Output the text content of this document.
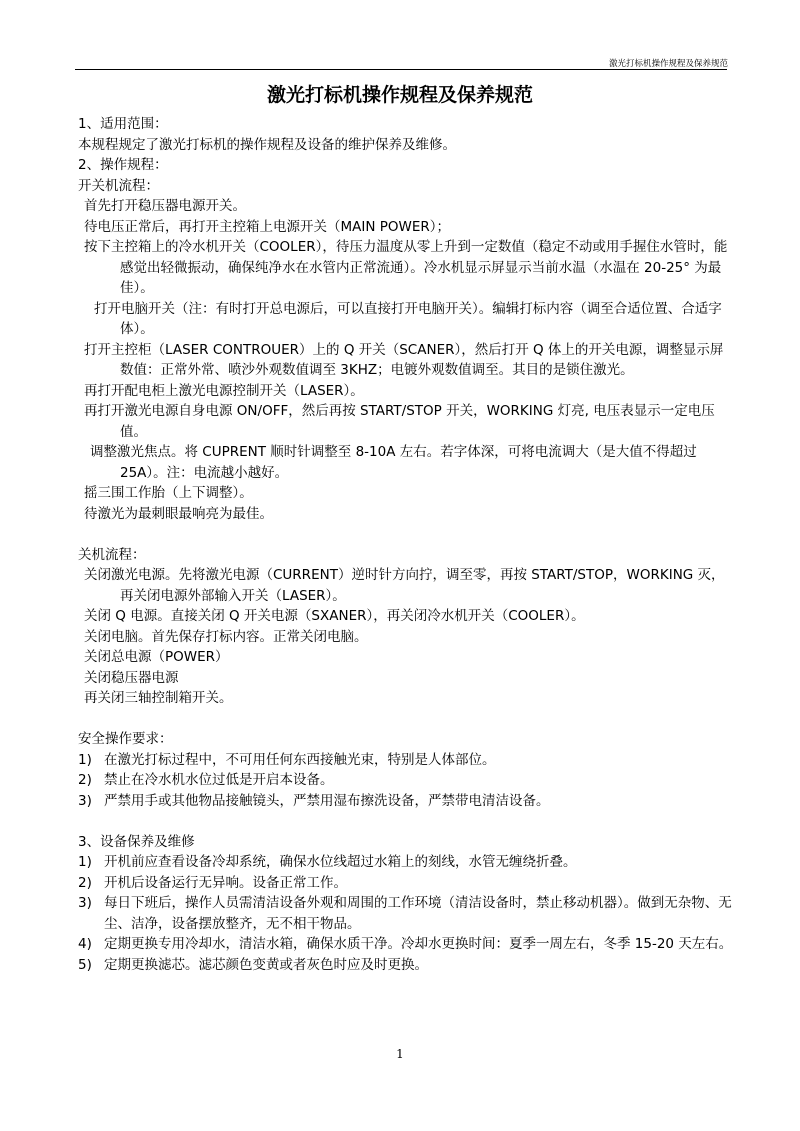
激光打标机操作规程及保养规范
激光打标机操作规程及保养规范
1、适用范围：
本规程规定了激光打标机的操作规程及设备的维护保养及维修。
2、操作规程：
开关机流程：
首先打开稳压器电源开关。
待电压正常后，再打开主控箱上电源开关（MAIN POWER）；
按下主控箱上的冷水机开关（COOLER），待压力温度从零上升到一定数值（稳定不动或用手握住水管时，能感觉出轻微振动，确保纯净水在水管内正常流通）。冷水机显示屏显示当前水温（水温在 20-25° 为最佳）。
打开电脑开关（注：有时打开总电源后，可以直接打开电脑开关）。编辑打标内容（调至合适位置、合适字体）。
打开主控柜（LASER CONTROUER）上的 Q 开关（SCANER），然后打开 Q 体上的开关电源，调整显示屏数值：正常外常、喷沙外观数值调至 3KHZ；电镀外观数值调至。其目的是锁住激光。
再打开配电柜上激光电源控制开关（LASER）。
再打开激光电源自身电源 ON/OFF，然后再按 START/STOP 开关，WORKING 灯亮, 电压表显示一定电压值。
调整激光焦点。将 CUPRENT 顺时针调整至 8-10A 左右。若字体深，可将电流调大（是大值不得超过 25A）。注：电流越小越好。
摇三围工作胎（上下调整）。
待激光为最刺眼最响亮为最佳。
关机流程：
关闭激光电源。先将激光电源（CURRENT）逆时针方向拧，调至零，再按 START/STOP，WORKING 灭，再关闭电源外部输入开关（LASER）。
关闭 Q 电源。直接关闭 Q 开关电源（SXANER），再关闭冷水机开关（COOLER）。
关闭电脑。首先保存打标内容。正常关闭电脑。
关闭总电源（POWER）
关闭稳压器电源
再关闭三轴控制箱开关。
安全操作要求：
1) 在激光打标过程中，不可用任何东西接触光束，特别是人体部位。
2) 禁止在冷水机水位过低是开启本设备。
3) 严禁用手或其他物品接触镜头，严禁用湿布擦洗设备，严禁带电清洁设备。
3、设备保养及维修
1) 开机前应查看设备冷却系统，确保水位线超过水箱上的刻线，水管无缠绕折叠。
2) 开机后设备运行无异响。设备正常工作。
3) 每日下班后，操作人员需清洁设备外观和周围的工作环境（清洁设备时，禁止移动机器）。做到无杂物、无尘、洁净，设备摆放整齐，无不相干物品。
4) 定期更换专用冷却水，清洁水箱，确保水质干净。冷却水更换时间：夏季一周左右，冬季 15-20 天左右。
5) 定期更换滤芯。滤芯颜色变黄或者灰色时应及时更换。
1
